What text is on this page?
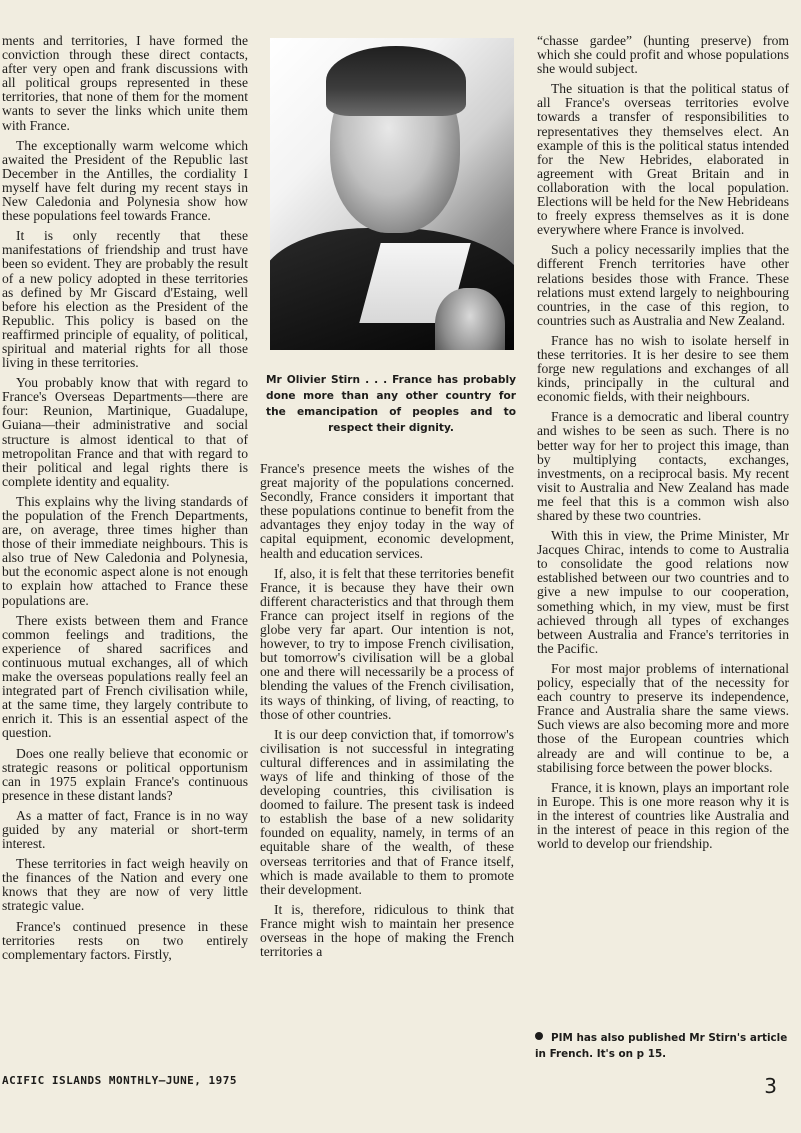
ments and territories, I have formed the conviction through these direct contacts, after very open and frank discussions with all political groups represented in these territories, that none of them for the moment wants to sever the links which unite them with France.

The exceptionally warm welcome which awaited the President of the Republic last December in the Antilles, the cordiality I myself have felt during my recent stays in New Caledonia and Polynesia show how these populations feel towards France.

It is only recently that these manifestations of friendship and trust have been so evident. They are probably the result of a new policy adopted in these territories as defined by Mr Giscard d'Estaing, well before his election as the President of the Republic. This policy is based on the reaffirmed principle of equality, of political, spiritual and material rights for all those living in these territories.

You probably know that with regard to France's Overseas Departments—there are four: Reunion, Martinique, Guadalupe, Guiana—their administrative and social structure is almost identical to that of metropolitan France and that with regard to their political and legal rights there is complete identity and equality.

This explains why the living standards of the population of the French Departments, are, on average, three times higher than those of their immediate neighbours. This is also true of New Caledonia and Polynesia, but the economic aspect alone is not enough to explain how attached to France these populations are.

There exists between them and France common feelings and traditions, the experience of shared sacrifices and continuous mutual exchanges, all of which make the overseas populations really feel an integrated part of French civilisation while, at the same time, they largely contribute to enrich it. This is an essential aspect of the question.

Does one really believe that economic or strategic reasons or political opportunism can in 1975 explain France's continuous presence in these distant lands?

As a matter of fact, France is in no way guided by any material or short-term interest.

These territories in fact weigh heavily on the finances of the Nation and every one knows that they are now of very little strategic value.

France's continued presence in these territories rests on two entirely complementary factors. Firstly,

Mr Olivier Stirn . . . France has probably done more than any other country for the emancipation of peoples and to respect their dignity.

France's presence meets the wishes of the great majority of the populations concerned. Secondly, France considers it important that these populations continue to benefit from the advantages they enjoy today in the way of capital equipment, economic development, health and education services.

If, also, it is felt that these territories benefit France, it is because they have their own different characteristics and that through them France can project itself in regions of the globe very far apart. Our intention is not, however, to try to impose French civilisation, but tomorrow's civilisation will be a global one and there will necessarily be a process of blending the values of the French civilisation, its ways of thinking, of living, of reacting, to those of other countries.

It is our deep conviction that, if tomorrow's civilisation is not successful in integrating cultural differences and in assimilating the ways of life and thinking of those of the developing countries, this civilisation is doomed to failure. The present task is indeed to establish the base of a new solidarity founded on equality, namely, in terms of an equitable share of the wealth, of these overseas territories and that of France itself, which is made available to them to promote their development.

It is, therefore, ridiculous to think that France might wish to maintain her presence overseas in the hope of making the French territories a

“chasse gardee” (hunting preserve) from which she could profit and whose populations she would subject.

The situation is that the political status of all France's overseas territories evolve towards a transfer of responsibilities to representatives they themselves elect. An example of this is the political status intended for the New Hebrides, elaborated in agreement with Great Britain and in collaboration with the local population. Elections will be held for the New Hebrideans to freely express themselves as it is done everywhere where France is involved.

Such a policy necessarily implies that the different French territories have other relations besides those with France. These relations must extend largely to neighbouring countries, in the case of this region, to countries such as Australia and New Zealand.

France has no wish to isolate herself in these territories. It is her desire to see them forge new regulations and exchanges of all kinds, principally in the cultural and economic fields, with their neighbours.

France is a democratic and liberal country and wishes to be seen as such. There is no better way for her to project this image, than by multiplying contacts, exchanges, investments, on a reciprocal basis. My recent visit to Australia and New Zealand has made me feel that this is a common wish also shared by these two countries.

With this in view, the Prime Minister, Mr Jacques Chirac, intends to come to Australia to consolidate the good relations now established between our two countries and to give a new impulse to our cooperation, something which, in my view, must be first achieved through all types of exchanges between Australia and France's territories in the Pacific.

For most major problems of international policy, especially that of the necessity for each country to preserve its independence, France and Australia share the same views. Such views are also becoming more and more those of the European countries which already are and will continue to be, a stabilising force between the power blocks.

France, it is known, plays an important role in Europe. This is one more reason why it is in the interest of countries like Australia and in the interest of peace in this region of the world to develop our friendship.

PIM has also published Mr Stirn's article in French. It's on p 15.
ACIFIC ISLANDS MONTHLY—JUNE, 1975	3
